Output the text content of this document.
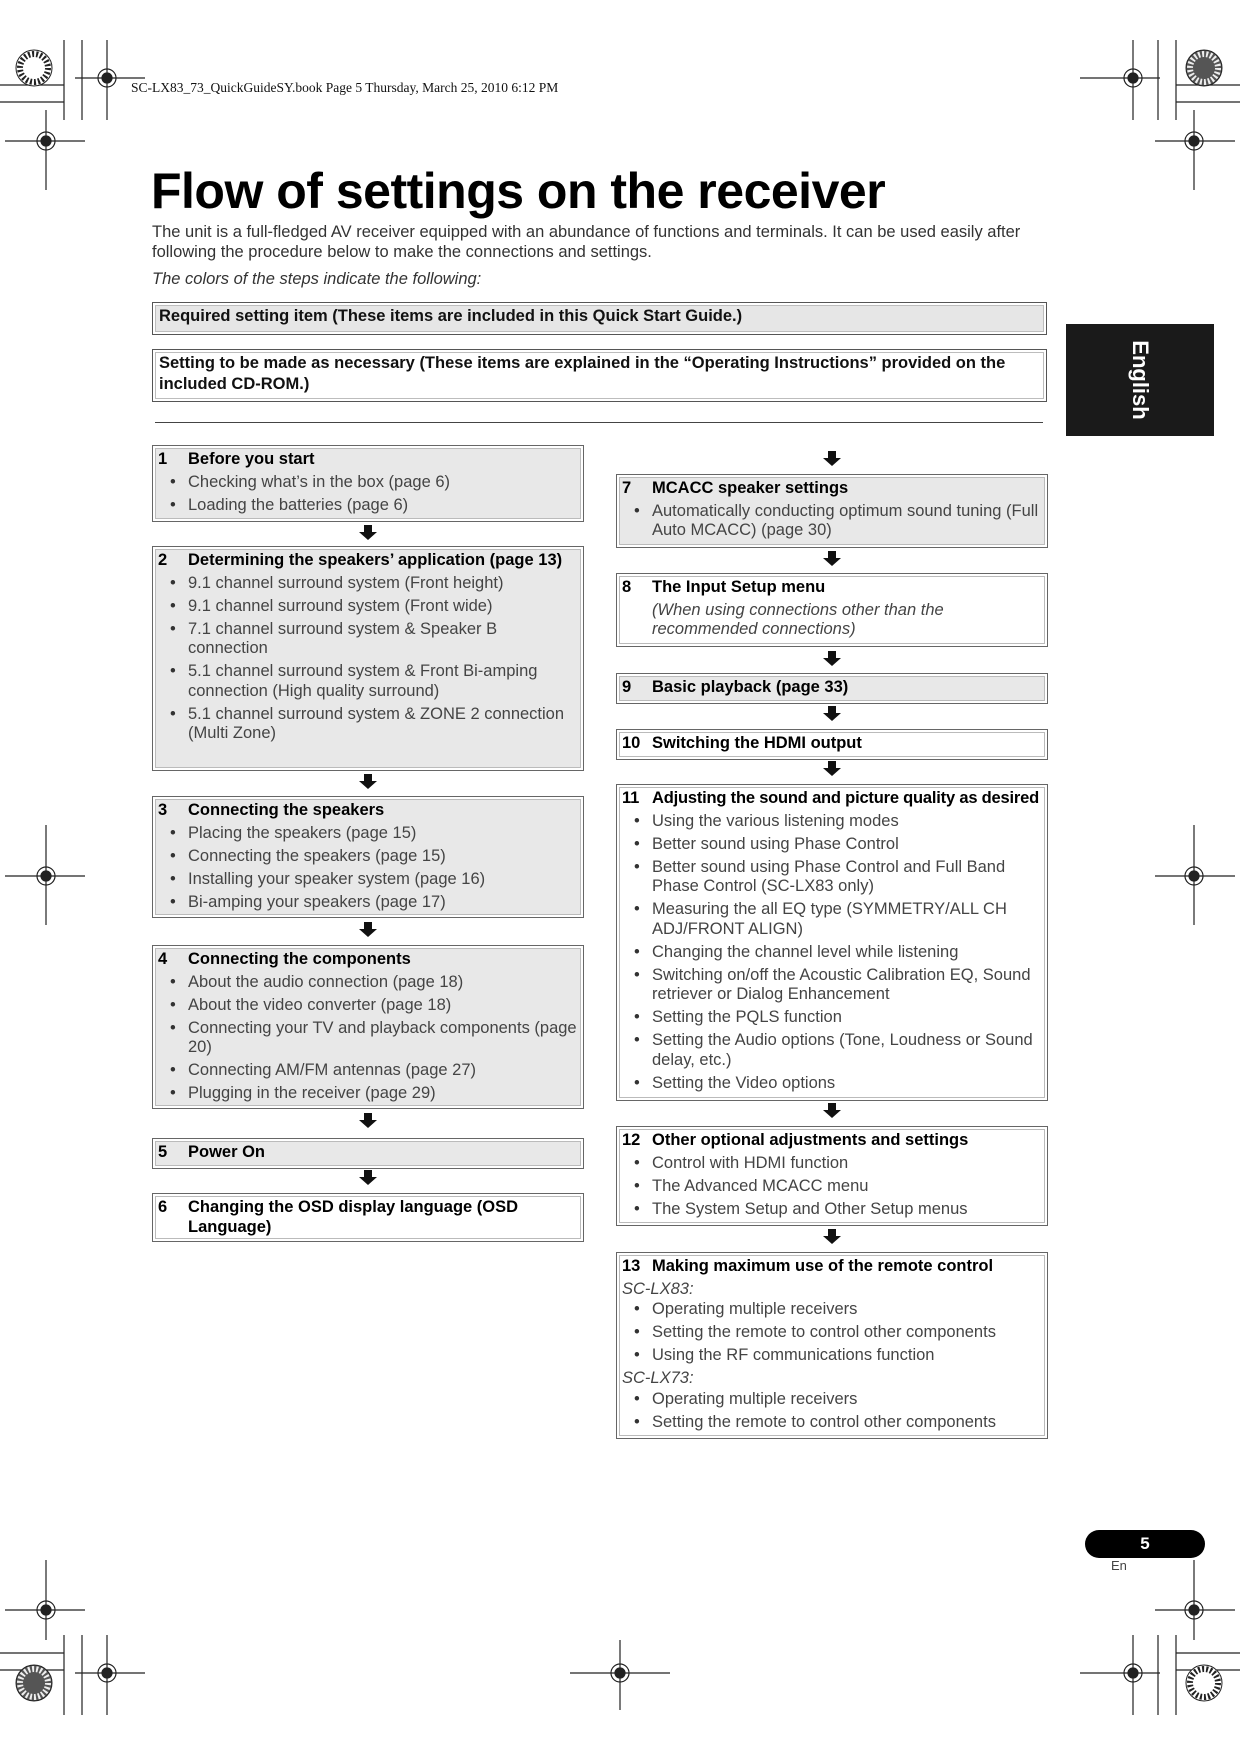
SC-LX83_73_QuickGuideSY.book Page 5 Thursday, March 25, 2010 6:12 PM
Flow of settings on the receiver
The unit is a full-fledged AV receiver equipped with an abundance of functions and terminals. It can be used easily after following the procedure below to make the connections and settings.
The colors of the steps indicate the following:
Required setting item (These items are included in this Quick Start Guide.)
Setting to be made as necessary (These items are explained in the “Operating Instructions” provided on the included CD-ROM.)	English
1	Before you start
• Checking what’s in the box (page 6)
• Loading the batteries (page 6)
2	Determining the speakers’ application (page 13)
• 9.1 channel surround system (Front height)
• 9.1 channel surround system (Front wide)
• 7.1 channel surround system & Speaker B connection
• 5.1 channel surround system & Front Bi-amping connection (High quality surround)
• 5.1 channel surround system & ZONE 2 connection (Multi Zone)
3	Connecting the speakers
• Placing the speakers (page 15)
• Connecting the speakers (page 15)
• Installing your speaker system (page 16)
• Bi-amping your speakers (page 17)
4	Connecting the components
• About the audio connection (page 18)
• About the video converter (page 18)
• Connecting your TV and playback components (page 20)
• Connecting AM/FM antennas (page 27)
• Plugging in the receiver (page 29)
5	Power On
6	Changing the OSD display language (OSD Language)
7	MCACC speaker settings
• Automatically conducting optimum sound tuning (Full Auto MCACC) (page 30)
8	The Input Setup menu
(When using connections other than the recommended connections)
9	Basic playback (page 33)
10 Switching the HDMI output
11 Adjusting the sound and picture quality as desired
• Using the various listening modes
• Better sound using Phase Control
• Better sound using Phase Control and Full Band Phase Control (SC-LX83 only)
• Measuring the all EQ type (SYMMETRY/ALL CH ADJ/FRONT ALIGN)
• Changing the channel level while listening
• Switching on/off the Acoustic Calibration EQ, Sound retriever or Dialog Enhancement
• Setting the PQLS function
• Setting the Audio options (Tone, Loudness or Sound delay, etc.)
• Setting the Video options
12 Other optional adjustments and settings
• Control with HDMI function
• The Advanced MCACC menu
• The System Setup and Other Setup menus
13 Making maximum use of the remote control
SC-LX83:
• Operating multiple receivers
• Setting the remote to control other components
• Using the RF communications function
SC-LX73:
• Operating multiple receivers
• Setting the remote to control other components
5
En
